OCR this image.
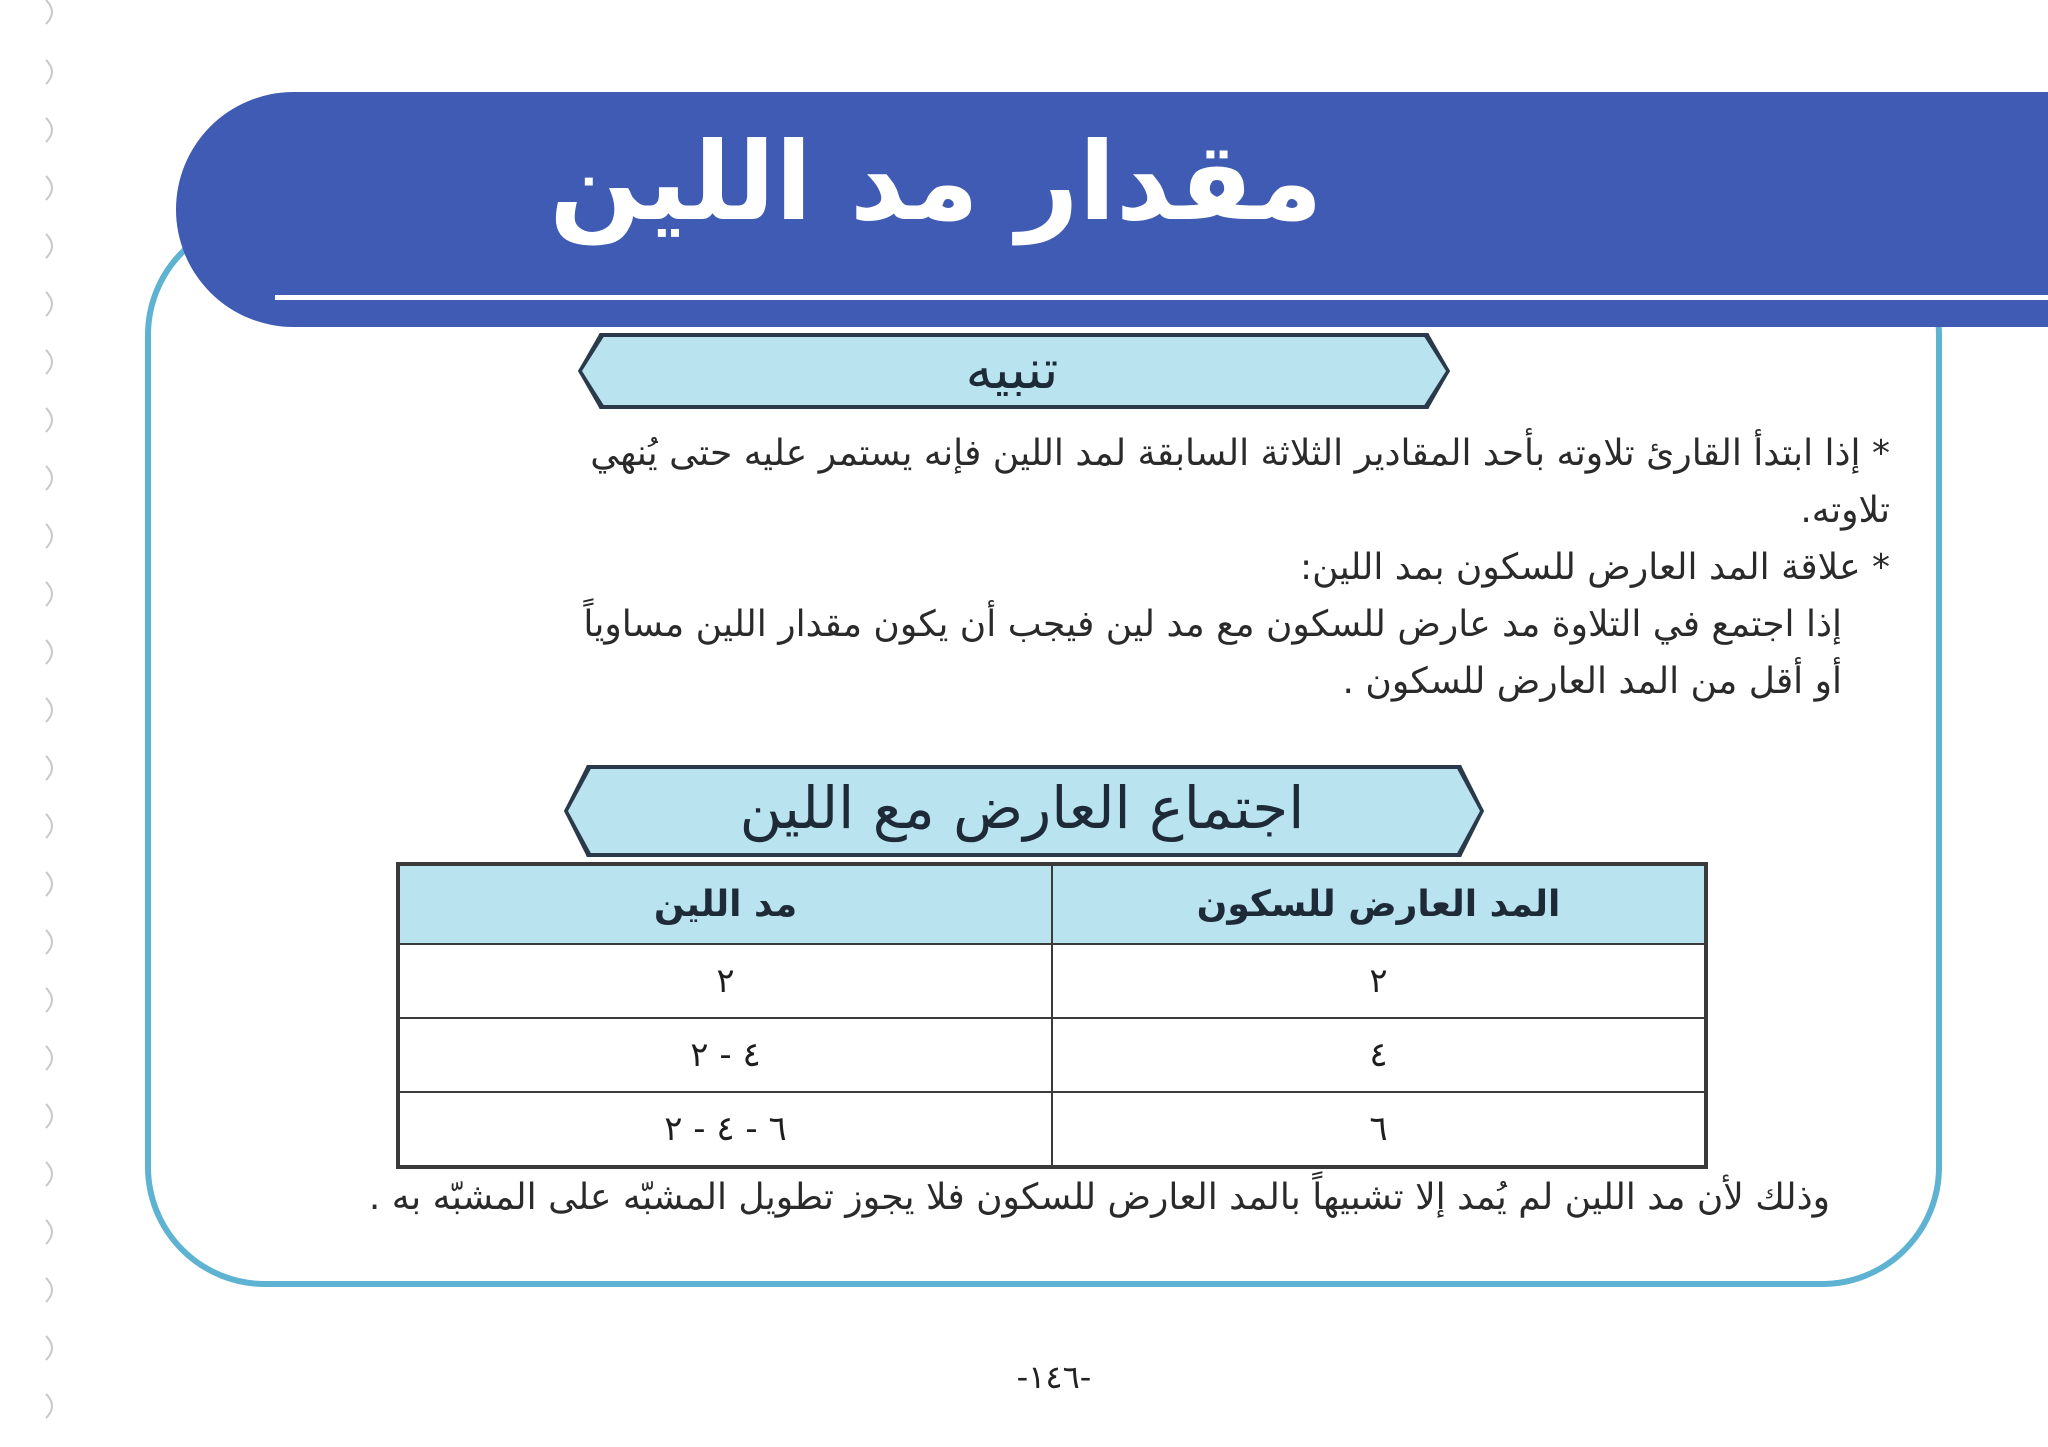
مقدار مد اللين
تنبيه

* إذا ابتدأ القارئ تلاوته بأحد المقادير الثلاثة السابقة لمد اللين فإنه يستمر عليه حتى يُنهي تلاوته.

* علاقة المد العارض للسكون بمد اللين:

إذا اجتمع في التلاوة مد عارض للسكون مع مد لين فيجب أن يكون مقدار اللين مساوياً أو أقل من المد العارض للسكون .

اجتماع العارض مع اللين
المد العارض للسكون	مد اللين
٢	٢
٤	٤ - ٢
٦	٦ - ٤ - ٢
وذلك لأن مد اللين لم يُمد إلا تشبيهاً بالمد العارض للسكون فلا يجوز تطويل المشبّه على المشبّه به .
-١٤٦-
